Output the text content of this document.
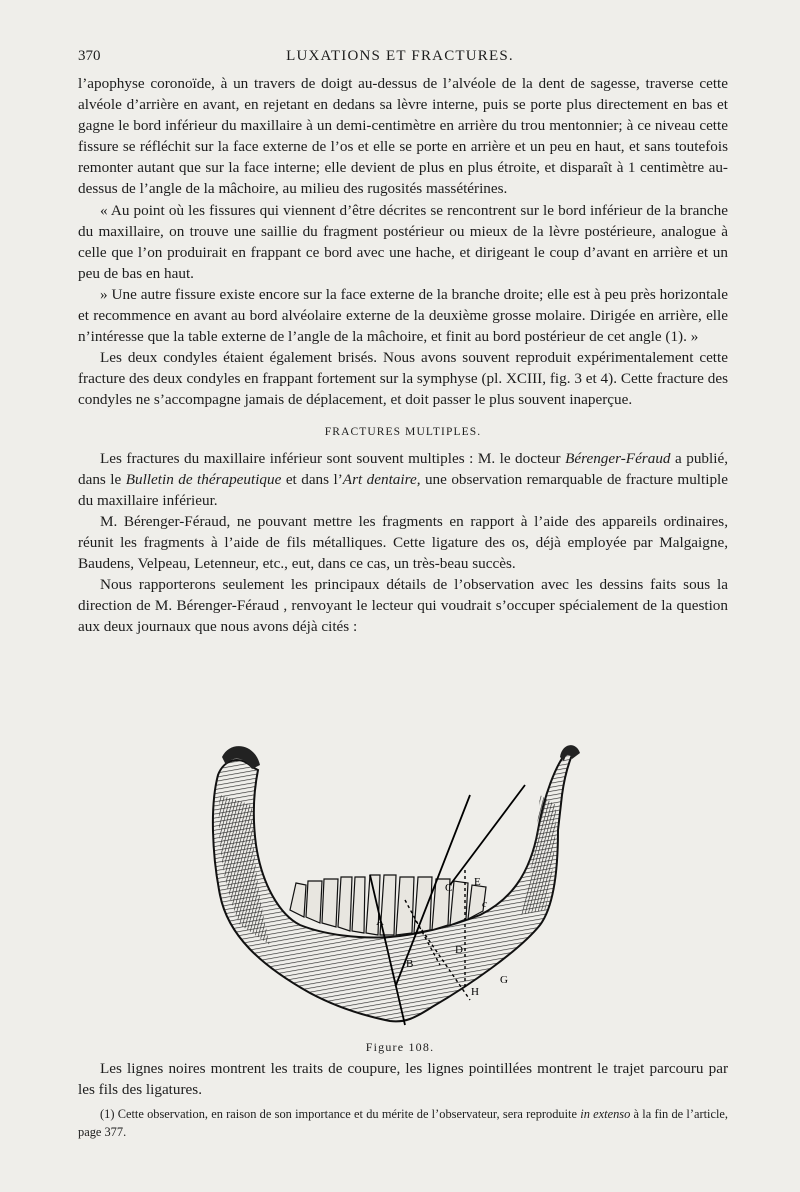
370	LUXATIONS ET FRACTURES.

l’apophyse coronoïde, à un travers de doigt au-dessus de l’alvéole de la dent de sagesse, traverse cette alvéole d’arrière en avant, en rejetant en dedans sa lèvre interne, puis se porte plus directement en bas et gagne le bord inférieur du maxillaire à un demi-centimètre en arrière du trou mentonnier; à ce niveau cette fissure se réfléchit sur la face externe de l’os et elle se porte en arrière et un peu en haut, et sans toutefois remonter autant que sur la face interne; elle devient de plus en plus étroite, et disparaît à 1 centimètre au-dessus de l’angle de la mâchoire, au milieu des rugosités massétérines.

« Au point où les fissures qui viennent d’être décrites se rencontrent sur le bord inférieur de la branche du maxillaire, on trouve une saillie du fragment postérieur ou mieux de la lèvre postérieure, analogue à celle que l’on produirait en frappant ce bord avec une hache, et dirigeant le coup d’avant en arrière et un peu de bas en haut.

» Une autre fissure existe encore sur la face externe de la branche droite; elle est à peu près horizontale et recommence en avant au bord alvéolaire externe de la deuxième grosse molaire. Dirigée en arrière, elle n’intéresse que la table externe de l’angle de la mâchoire, et finit au bord postérieur de cet angle (1). »

Les deux condyles étaient également brisés. Nous avons souvent reproduit expérimentalement cette fracture des deux condyles en frappant fortement sur la symphyse (pl. XCIII, fig. 3 et 4). Cette fracture des condyles ne s’accompagne jamais de déplacement, et doit passer le plus souvent inaperçue.

FRACTURES MULTIPLES.

Les fractures du maxillaire inférieur sont souvent multiples : M. le docteur Bérenger-Féraud a publié, dans le Bulletin de thérapeutique et dans l’Art dentaire, une observation remarquable de fracture multiple du maxillaire inférieur.

M. Bérenger-Féraud, ne pouvant mettre les fragments en rapport à l’aide des appareils ordinaires, réunit les fragments à l’aide de fils métalliques. Cette ligature des os, déjà employée par Malgaigne, Baudens, Velpeau, Letenneur, etc., eut, dans ce cas, un très-beau succès.

Nous rapporterons seulement les principaux détails de l’observation avec les dessins faits sous la direction de M. Bérenger-Féraud , renvoyant le lecteur qui voudrait s’occuper spécialement de la question aux deux journaux que nous avons déjà cités :

A
B
C
D
E
G
H
c
Figure 108.
Les lignes noires montrent les traits de coupure, les lignes pointillées montrent le trajet parcouru par les fils des ligatures.
(1) Cette observation, en raison de son importance et du mérite de l’observateur, sera reproduite in extenso à la fin de l’article, page 377.
